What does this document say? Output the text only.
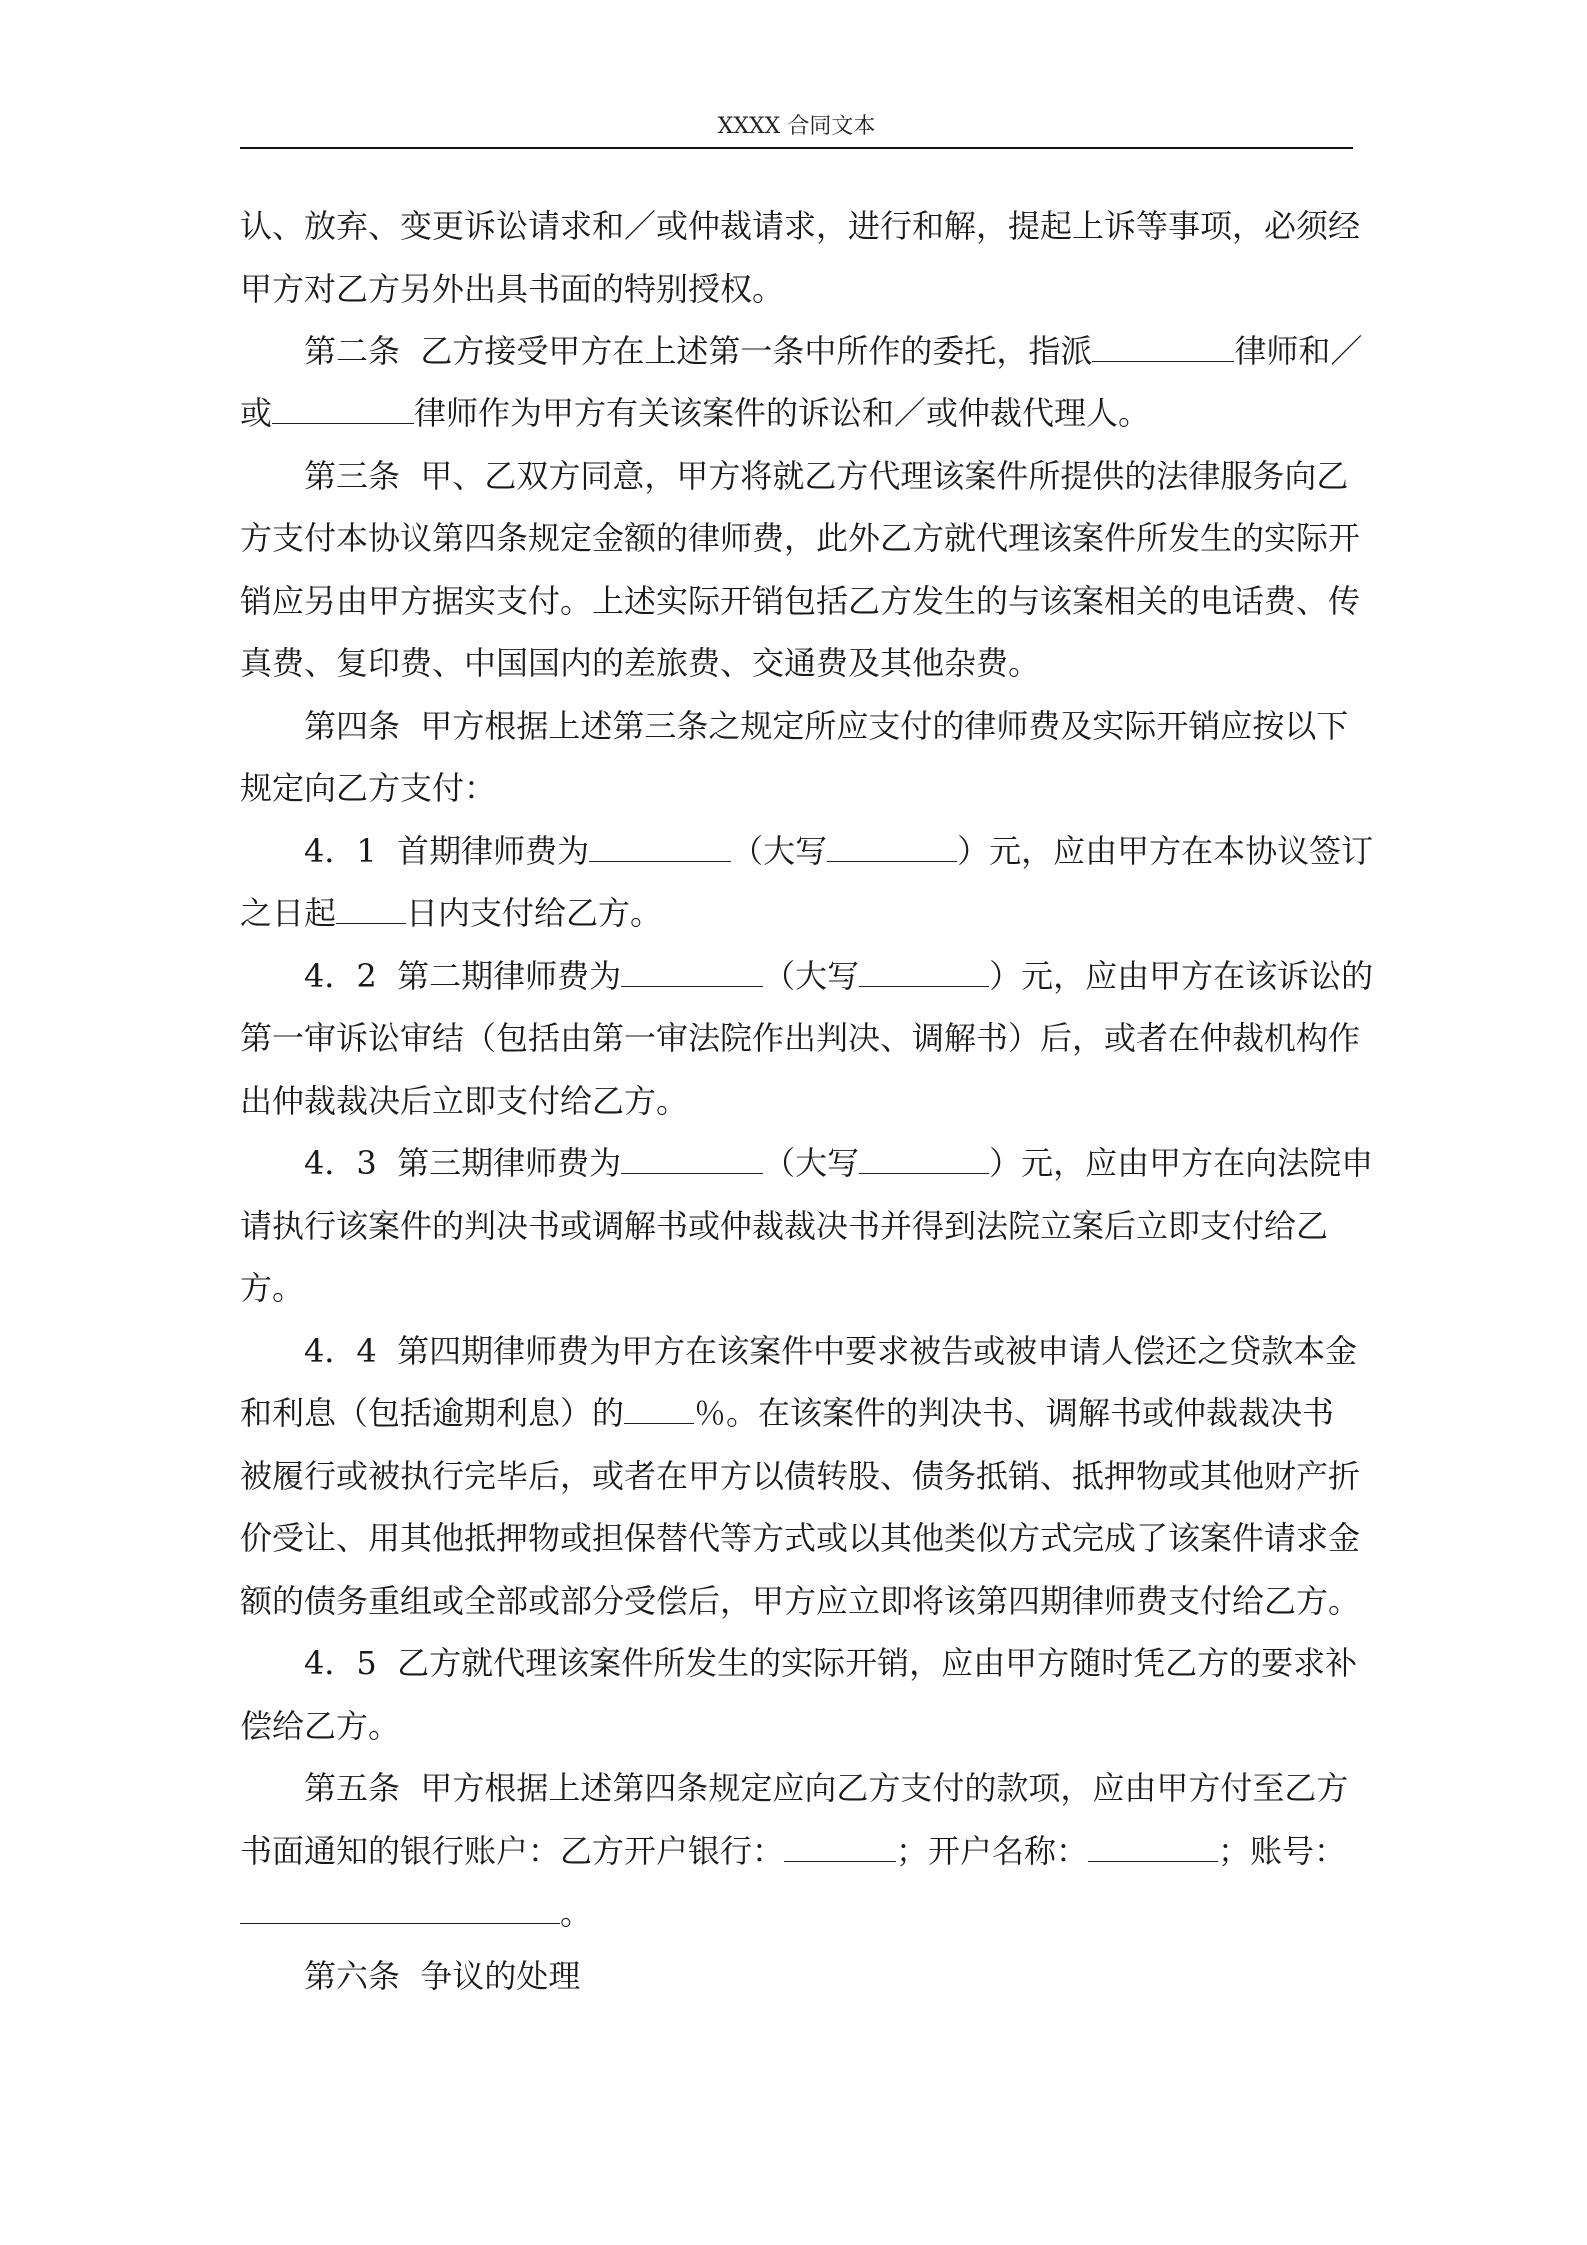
XXXX 合同文本
认、放弃、变更诉讼请求和／或仲裁请求，进行和解，提起上诉等事项，必须经
甲方对乙方另外出具书面的特别授权。
第二条  乙方接受甲方在上述第一条中所作的委托，指派	律师和／
或	律师作为甲方有关该案件的诉讼和／或仲裁代理人。
第三条  甲、乙双方同意，甲方将就乙方代理该案件所提供的法律服务向乙
方支付本协议第四条规定金额的律师费，此外乙方就代理该案件所发生的实际开
销应另由甲方据实支付。上述实际开销包括乙方发生的与该案相关的电话费、传
真费、复印费、中国国内的差旅费、交通费及其他杂费。
第四条  甲方根据上述第三条之规定所应支付的律师费及实际开销应按以下
规定向乙方支付：
4．1  首期律师费为	（大写	）元，应由甲方在本协议签订
之日起 日内支付给乙方。
4．2  第二期律师费为	（大写	）元，应由甲方在该诉讼的
第一审诉讼审结（包括由第一审法院作出判决、调解书）后，或者在仲裁机构作
出仲裁裁决后立即支付给乙方。
4．3  第三期律师费为	（大写	）元，应由甲方在向法院申
请执行该案件的判决书或调解书或仲裁裁决书并得到法院立案后立即支付给乙
方。
4．4  第四期律师费为甲方在该案件中要求被告或被申请人偿还之贷款本金
和利息（包括逾期利息）的 ％。在该案件的判决书、调解书或仲裁裁决书
被履行或被执行完毕后，或者在甲方以债转股、债务抵销、抵押物或其他财产折
价受让、用其他抵押物或担保替代等方式或以其他类似方式完成了该案件请求金
额的债务重组或全部或部分受偿后，甲方应立即将该第四期律师费支付给乙方。
4．5  乙方就代理该案件所发生的实际开销，应由甲方随时凭乙方的要求补
偿给乙方。
第五条  甲方根据上述第四条规定应向乙方支付的款项，应由甲方付至乙方
书面通知的银行账户：乙方开户银行：	；开户名称：	；账号：
。
第六条  争议的处理
